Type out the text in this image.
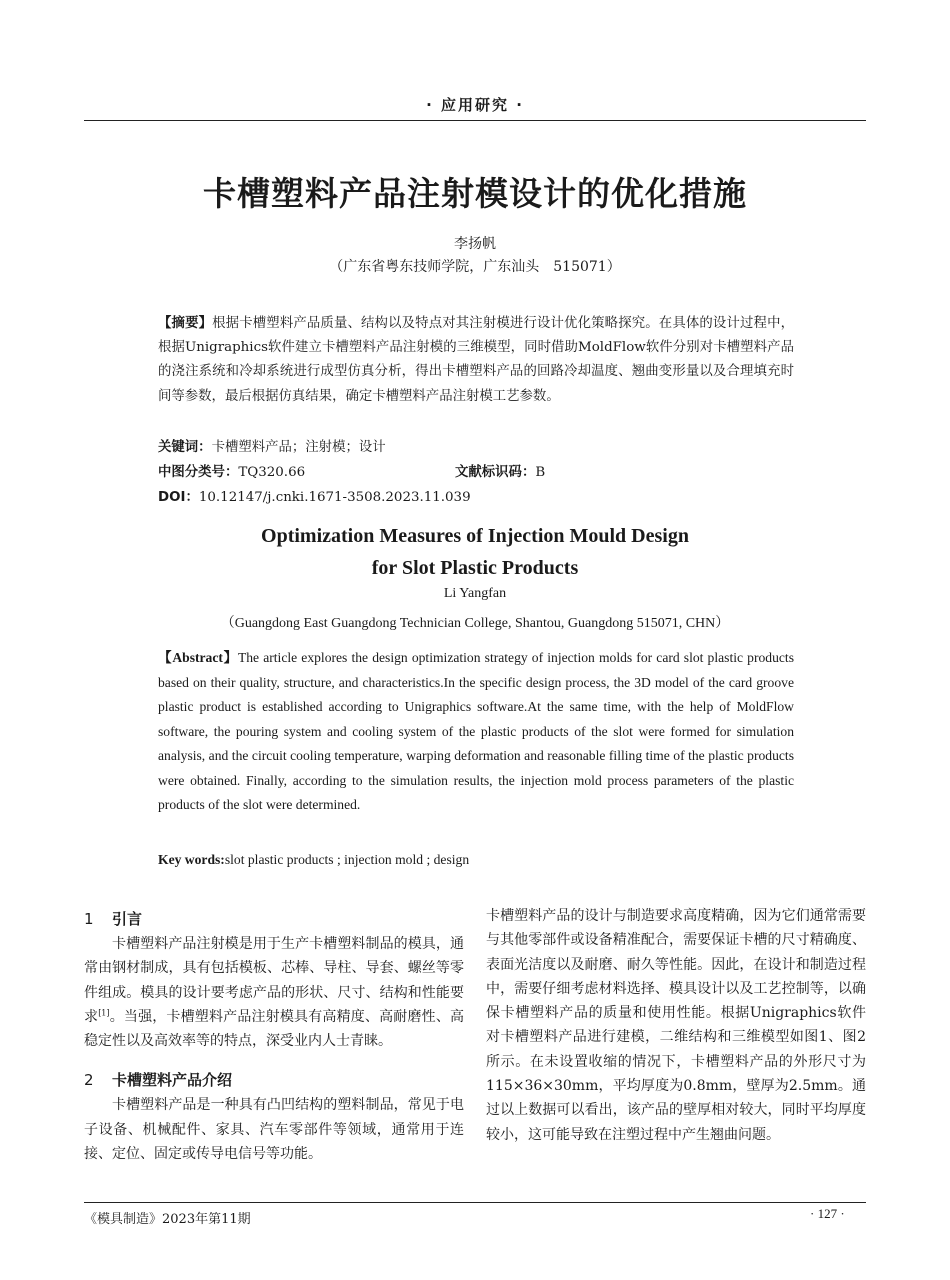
· 应用研究 ·
卡槽塑料产品注射模设计的优化措施
李扬帆
（广东省粤东技师学院，广东汕头　515071）
【摘要】根据卡槽塑料产品质量、结构以及特点对其注射模进行设计优化策略探究。在具体的设计过程中，根据Unigraphics软件建立卡槽塑料产品注射模的三维模型，同时借助MoldFlow软件分别对卡槽塑料产品的浇注系统和冷却系统进行成型仿真分析，得出卡槽塑料产品的回路冷却温度、翘曲变形量以及合理填充时间等参数，最后根据仿真结果，确定卡槽塑料产品注射模工艺参数。
关键词：卡槽塑料产品；注射模；设计
中图分类号：TQ320.66	文献标识码：B
DOI：10.12147/j.cnki.1671-3508.2023.11.039
Optimization Measures of Injection Mould Design
for Slot Plastic Products
Li Yangfan
（Guangdong East Guangdong Technician College, Shantou, Guangdong 515071, CHN）
【Abstract】The article explores the design optimization strategy of injection molds for card slot plastic products based on their quality, structure, and characteristics.In the specific design process, the 3D model of the card groove plastic product is established according to Unigraphics software.At the same time, with the help of MoldFlow software, the pouring system and cooling system of the plastic products of the slot were formed for simulation analysis, and the circuit cooling temperature, warping deformation and reasonable filling time of the plastic products were obtained. Finally, according to the simulation results, the injection mold process parameters of the plastic products of the slot were determined.
Key words:slot plastic products ; injection mold ; design
1 引言

卡槽塑料产品注射模是用于生产卡槽塑料制品的模具，通常由钢材制成，具有包括模板、芯棒、导柱、导套、螺丝等零件组成。模具的设计要考虑产品的形状、尺寸、结构和性能要求[1]。当强，卡槽塑料产品注射模具有高精度、高耐磨性、高稳定性以及高效率等的特点，深受业内人士青睐。

2 卡槽塑料产品介绍

卡槽塑料产品是一种具有凸凹结构的塑料制品，常见于电子设备、机械配件、家具、汽车零部件等领域，通常用于连接、定位、固定或传导电信号等功能。

卡槽塑料产品的设计与制造要求高度精确，因为它们通常需要与其他零部件或设备精准配合，需要保证卡槽的尺寸精确度、表面光洁度以及耐磨、耐久等性能。因此，在设计和制造过程中，需要仔细考虑材料选择、模具设计以及工艺控制等，以确保卡槽塑料产品的质量和使用性能。根据Unigraphics软件对卡槽塑料产品进行建模，二维结构和三维模型如图1、图2所示。在未设置收缩的情况下，卡槽塑料产品的外形尺寸为115×36×30mm，平均厚度为0.8mm，壁厚为2.5mm。通过以上数据可以看出，该产品的壁厚相对较大，同时平均厚度较小，这可能导致在注塑过程中产生翘曲问题。

《模具制造》2023年第11期	· 127 ·
